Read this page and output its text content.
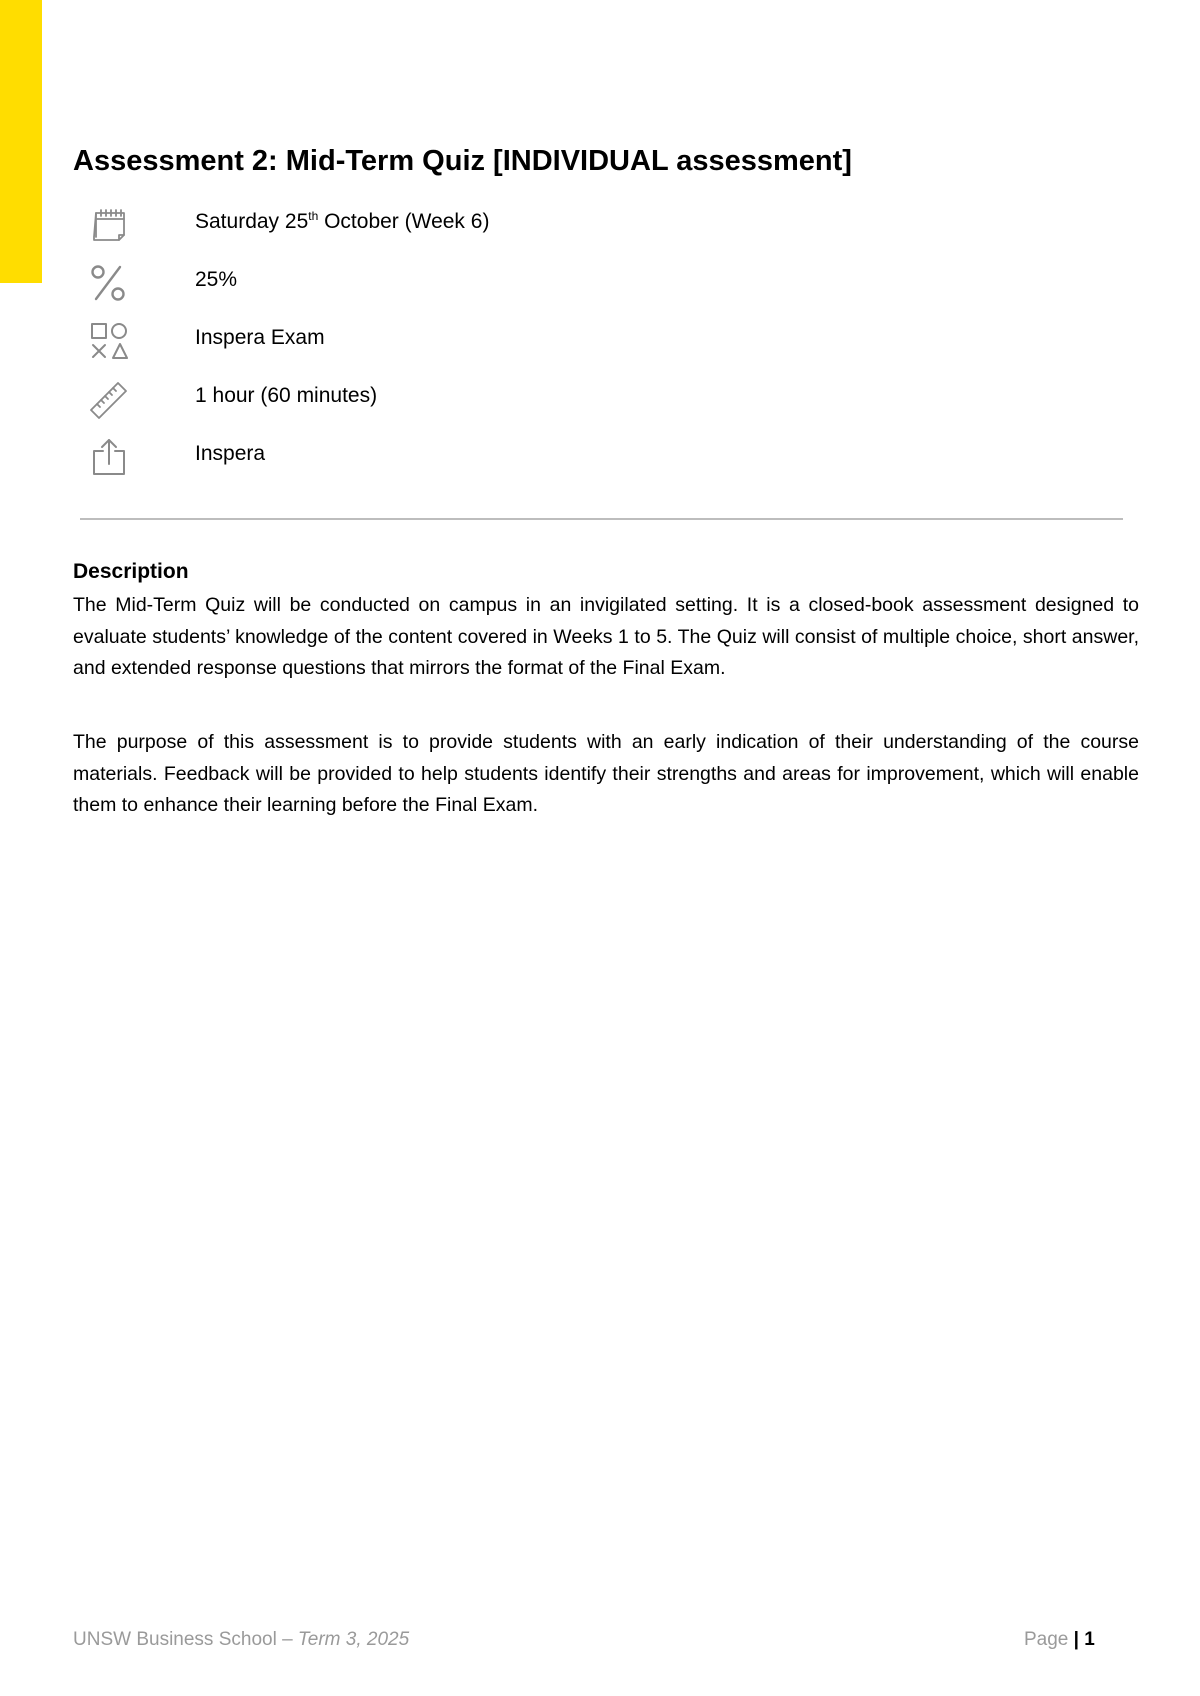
Assessment 2: Mid-Term Quiz [INDIVIDUAL assessment]
Saturday 25th October (Week 6)
25%
Inspera Exam
1 hour (60 minutes)
Inspera
Description

The Mid-Term Quiz will be conducted on campus in an invigilated setting. It is a closed-book assessment designed to evaluate students’ knowledge of the content covered in Weeks 1 to 5. The Quiz will consist of multiple choice, short answer, and extended response questions that mirrors the format of the Final Exam.

The purpose of this assessment is to provide students with an early indication of their understanding of the course materials. Feedback will be provided to help students identify their strengths and areas for improvement, which will enable them to enhance their learning before the Final Exam.

UNSW Business School – Term 3, 2025	Page | 1
